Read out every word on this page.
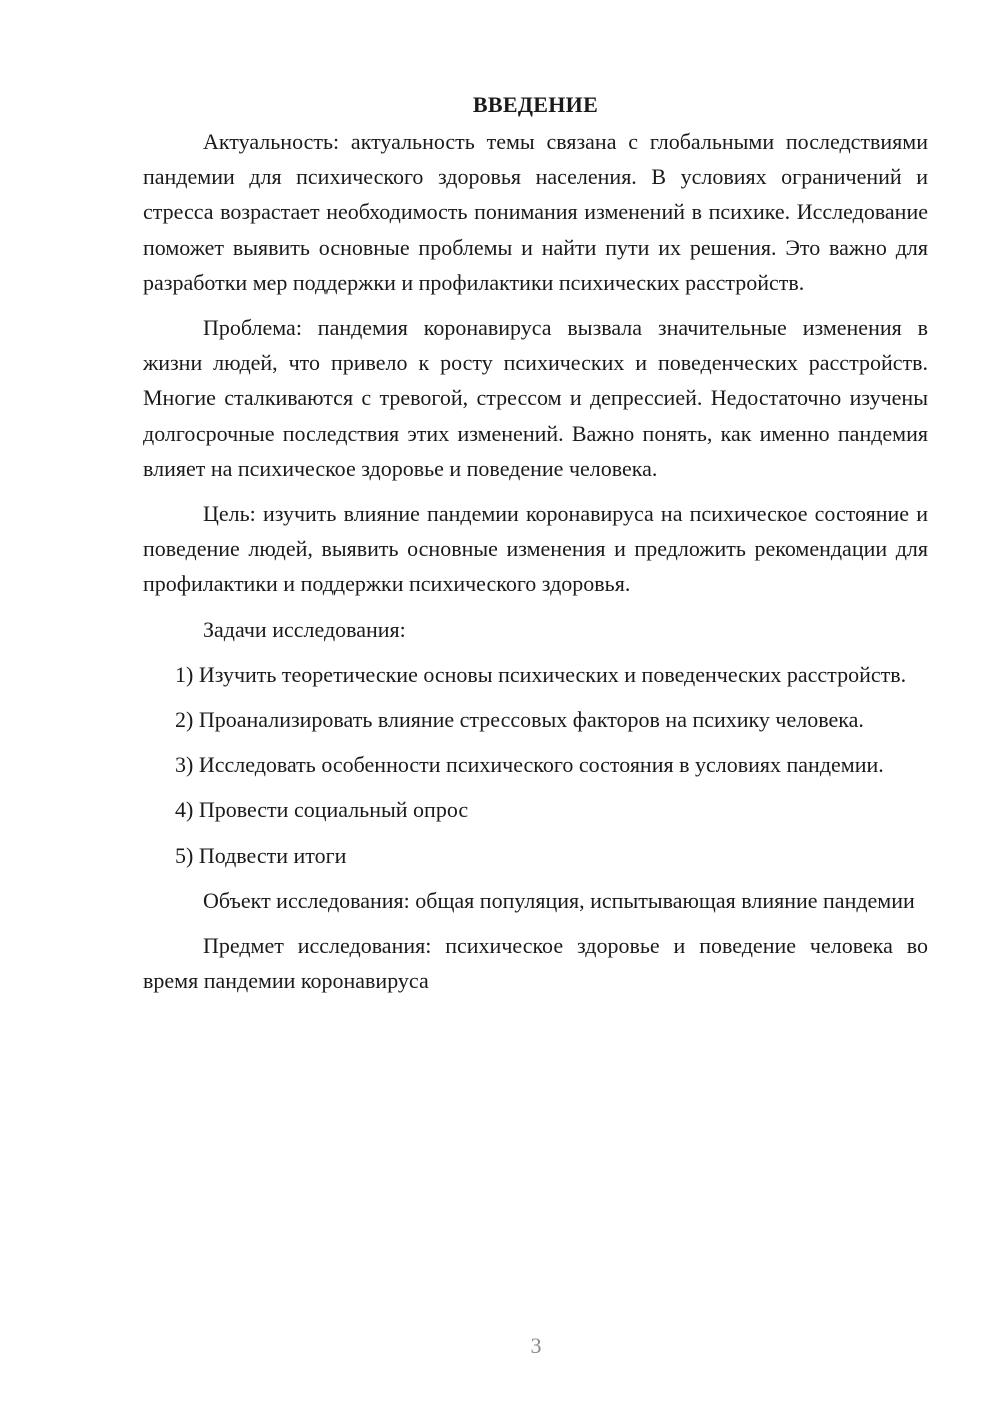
ВВЕДЕНИЕ

Актуальность: актуальность темы связана с глобальными последствиями пандемии для психического здоровья населения. В условиях ограничений и стресса возрастает необходимость понимания изменений в психике. Исследование поможет выявить основные проблемы и найти пути их решения. Это важно для разработки мер поддержки и профилактики психических расстройств.

Проблема: пандемия коронавируса вызвала значительные изменения в жизни людей, что привело к росту психических и поведенческих расстройств. Многие сталкиваются с тревогой, стрессом и депрессией. Недостаточно изучены долгосрочные последствия этих изменений. Важно понять, как именно пандемия влияет на психическое здоровье и поведение человека.

Цель: изучить влияние пандемии коронавируса на психическое состояние и поведение людей, выявить основные изменения и предложить рекомендации для профилактики и поддержки психического здоровья.

Задачи исследования:

1) Изучить теоретические основы психических и поведенческих расстройств.

2) Проанализировать влияние стрессовых факторов на психику человека.

3) Исследовать особенности психического состояния в условиях пандемии.

4) Провести социальный опрос

5) Подвести итоги

Объект исследования: общая популяция, испытывающая влияние пандемии

Предмет исследования: психическое здоровье и поведение человека во время пандемии коронавируса

3
